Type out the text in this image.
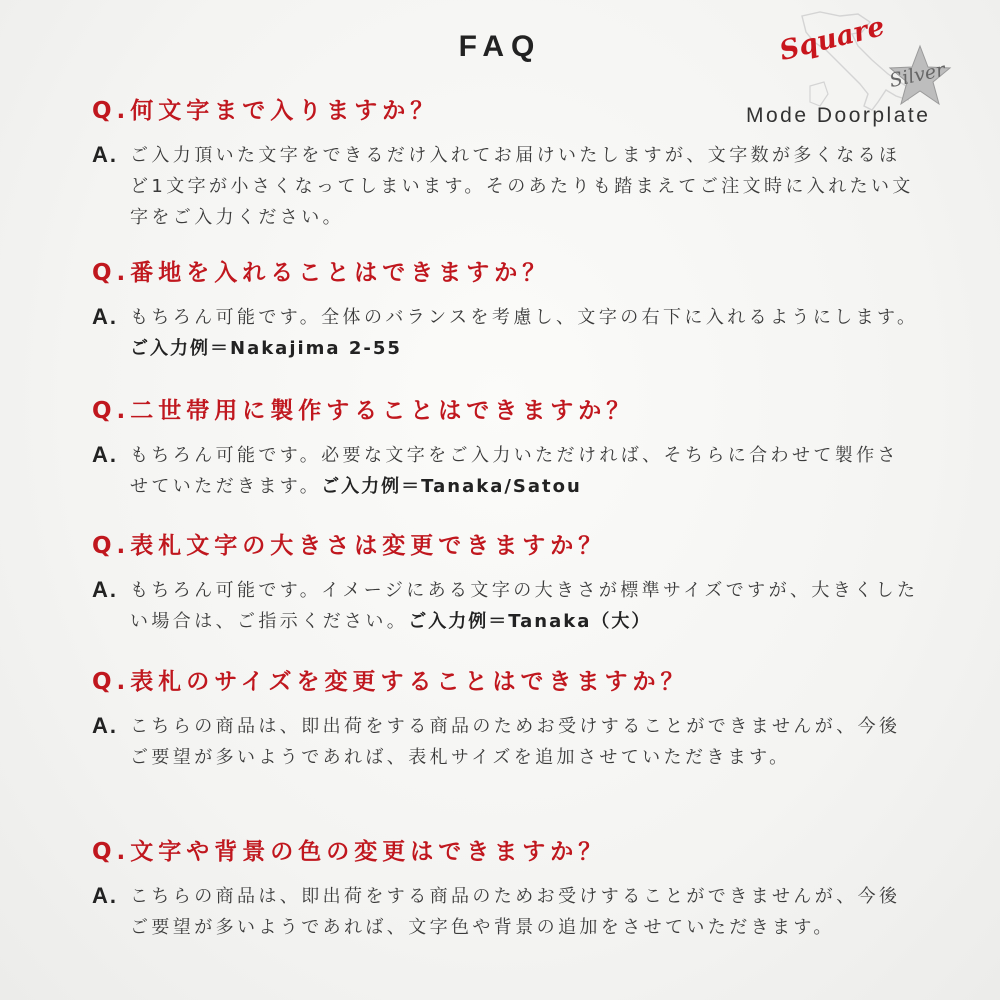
FAQ	Square
Silver
Mode Doorplate
Q.何文字まで入りますか？
A. ご入力頂いた文字をできるだけ入れてお届けいたしますが、文字数が多くなるほど1文字が小さくなってしまいます。そのあたりも踏まえてご注文時に入れたい文字をご入力ください。
Q.番地を入れることはできますか？
A. もちろん可能です。全体のバランスを考慮し、文字の右下に入れるようにします。ご入力例＝Nakajima 2-55
Q.二世帯用に製作することはできますか？
A. もちろん可能です。必要な文字をご入力いただければ、そちらに合わせて製作させていただきます。ご入力例＝Tanaka/Satou
Q.表札文字の大きさは変更できますか？
A. もちろん可能です。イメージにある文字の大きさが標準サイズですが、大きくしたい場合は、ご指示ください。ご入力例＝Tanaka（大）
Q.表札のサイズを変更することはできますか？
A. こちらの商品は、即出荷をする商品のためお受けすることができませんが、今後ご要望が多いようであれば、表札サイズを追加させていただきます。
Q.文字や背景の色の変更はできますか？
A. こちらの商品は、即出荷をする商品のためお受けすることができませんが、今後ご要望が多いようであれば、文字色や背景の追加をさせていただきます。
